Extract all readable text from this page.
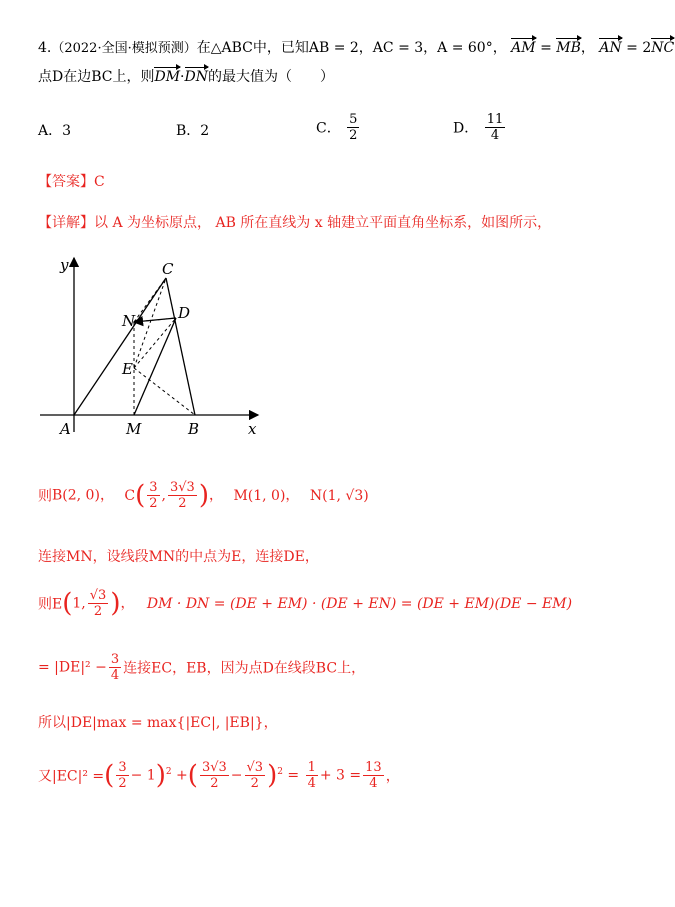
4.（2022·全国·模拟预测）在△ABC中，已知AB = 2，AC = 3，A = 60°， AM = MB， AN = 2NC
点D在边BC上，则DM·DN的最大值为（　　）
A．3	B．2	C． $\frac{5}{2}$	D． $\frac{11}{4}$
【答案】C
【详解】以 A 为坐标原点， AB 所在直线为 x 轴建立平面直角坐标系，如图所示，
y
x
A	M	B
C
N	D
E
则B(2, 0)， $C( \frac{3}{2}$ , $\frac{3√3}{2}$ )， M(1, 0)， N(1, √3)
连接MN，设线段MN的中点为E，连接DE，
则E(1, $\frac{√3}{2}$ )， DM · DN = (DE + EM) · (DE + EN) = (DE + EM)(DE − EM)
= $|DE|^2 - \frac{3}{4}$ 连接EC，EB，因为点D在线段BC上，
所以|DE|max = max{|EC|, |EB|}，
又|EC|² =( $\frac{3}{2} - 1)^2$ +( $\frac{3√3}{2} - \frac{√3}{2} )^2 = \frac{1}{4} + 3 = \frac{13}{4}$ ，
